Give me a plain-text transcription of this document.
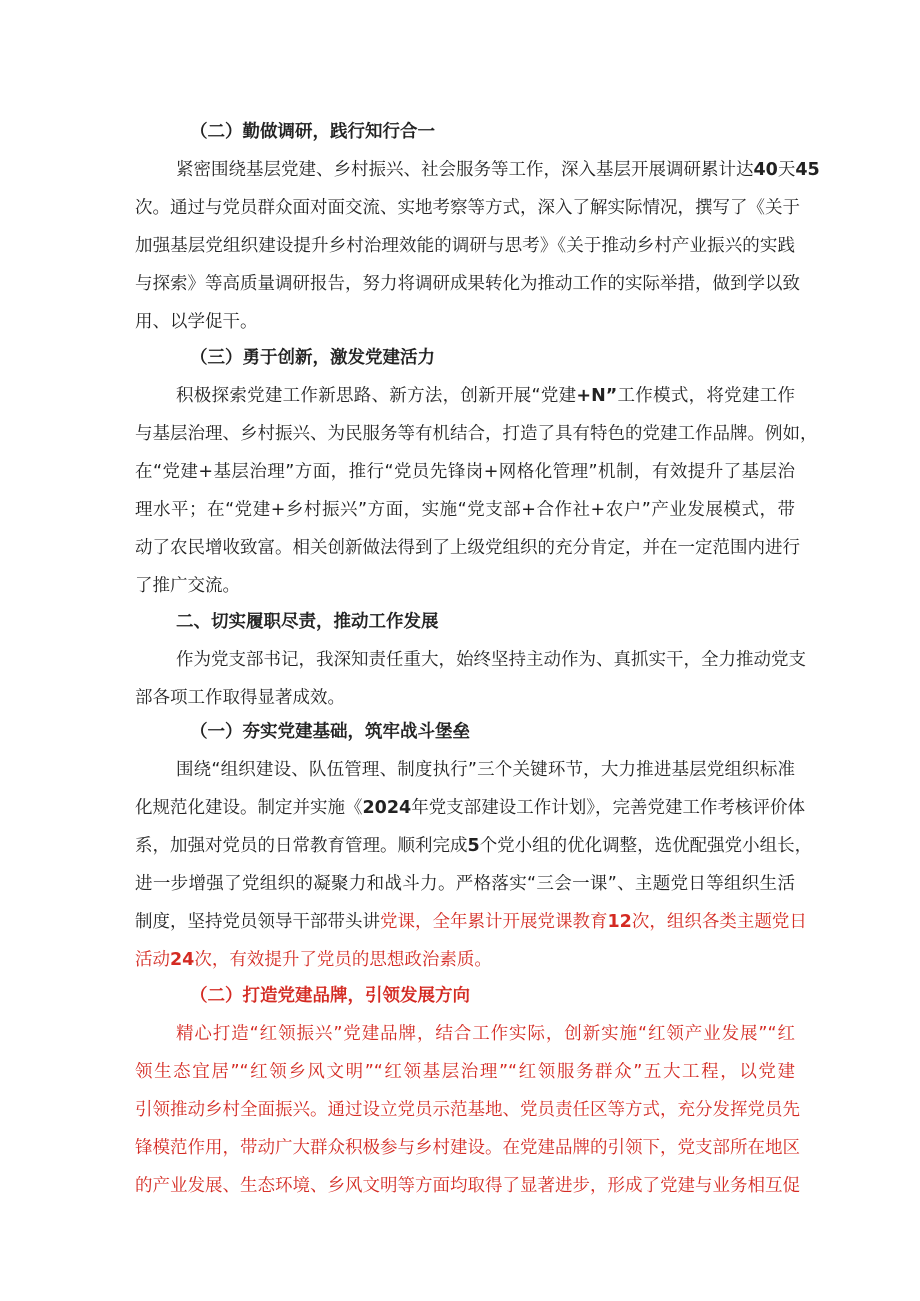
（二）勤做调研，践行知行合一
紧密围绕基层党建、乡村振兴、社会服务等工作，深入基层开展调研累计达40天45
次。通过与党员群众面对面交流、实地考察等方式，深入了解实际情况，撰写了《关于
加强基层党组织建设提升乡村治理效能的调研与思考》《关于推动乡村产业振兴的实践
与探索》等高质量调研报告，努力将调研成果转化为推动工作的实际举措，做到学以致
用、以学促干。
（三）勇于创新，激发党建活力
积极探索党建工作新思路、新方法，创新开展“党建+N”工作模式，将党建工作
与基层治理、乡村振兴、为民服务等有机结合，打造了具有特色的党建工作品牌。例如，
在“党建+基层治理”方面，推行“党员先锋岗+网格化管理”机制，有效提升了基层治
理水平；在“党建+乡村振兴”方面，实施“党支部+合作社+农户”产业发展模式，带
动了农民增收致富。相关创新做法得到了上级党组织的充分肯定，并在一定范围内进行
了推广交流。
二、切实履职尽责，推动工作发展
作为党支部书记，我深知责任重大，始终坚持主动作为、真抓实干，全力推动党支
部各项工作取得显著成效。
（一）夯实党建基础，筑牢战斗堡垒
围绕“组织建设、队伍管理、制度执行”三个关键环节，大力推进基层党组织标准
化规范化建设。制定并实施《2024年党支部建设工作计划》，完善党建工作考核评价体
系，加强对党员的日常教育管理。顺利完成5个党小组的优化调整，选优配强党小组长，
进一步增强了党组织的凝聚力和战斗力。严格落实“三会一课”、主题党日等组织生活
制度，坚持党员领导干部带头讲党课，全年累计开展党课教育12次，组织各类主题党日
活动24次，有效提升了党员的思想政治素质。
（二）打造党建品牌，引领发展方向
精心打造“红领振兴”党建品牌，结合工作实际，创新实施“红领产业发展”“红
领生态宜居”“红领乡风文明”“红领基层治理”“红领服务群众”五大工程，以党建
引领推动乡村全面振兴。通过设立党员示范基地、党员责任区等方式，充分发挥党员先
锋模范作用，带动广大群众积极参与乡村建设。在党建品牌的引领下，党支部所在地区
的产业发展、生态环境、乡风文明等方面均取得了显著进步，形成了党建与业务相互促
